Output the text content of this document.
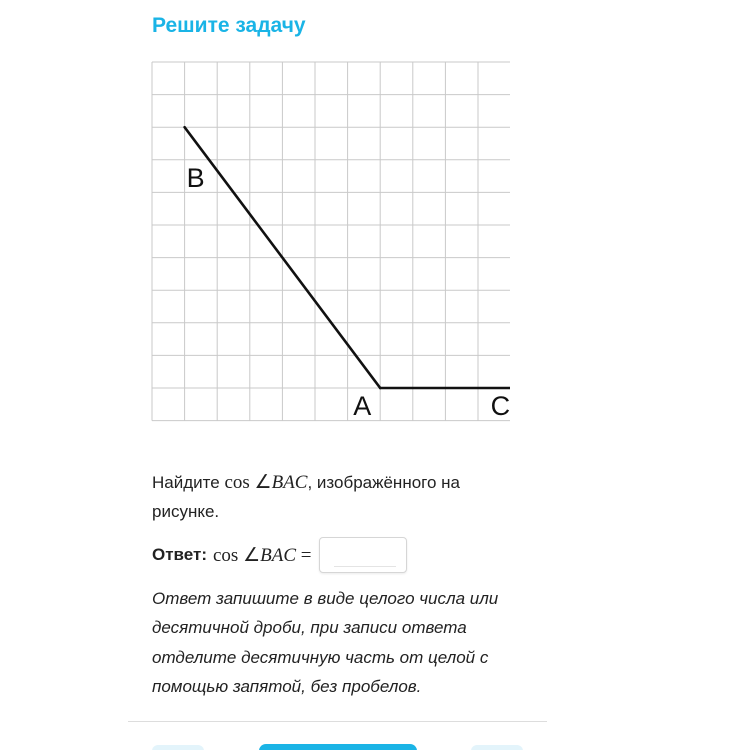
Решите задачу
B
A	C
Найдите cos ∠BAC, изображённого на рисунке.
Ответ: cos ∠BAC =
Ответ запишите в виде целого числа или десятичной дроби, при записи ответа отделите десятичную часть от целой с помощью запятой, без пробелов.
